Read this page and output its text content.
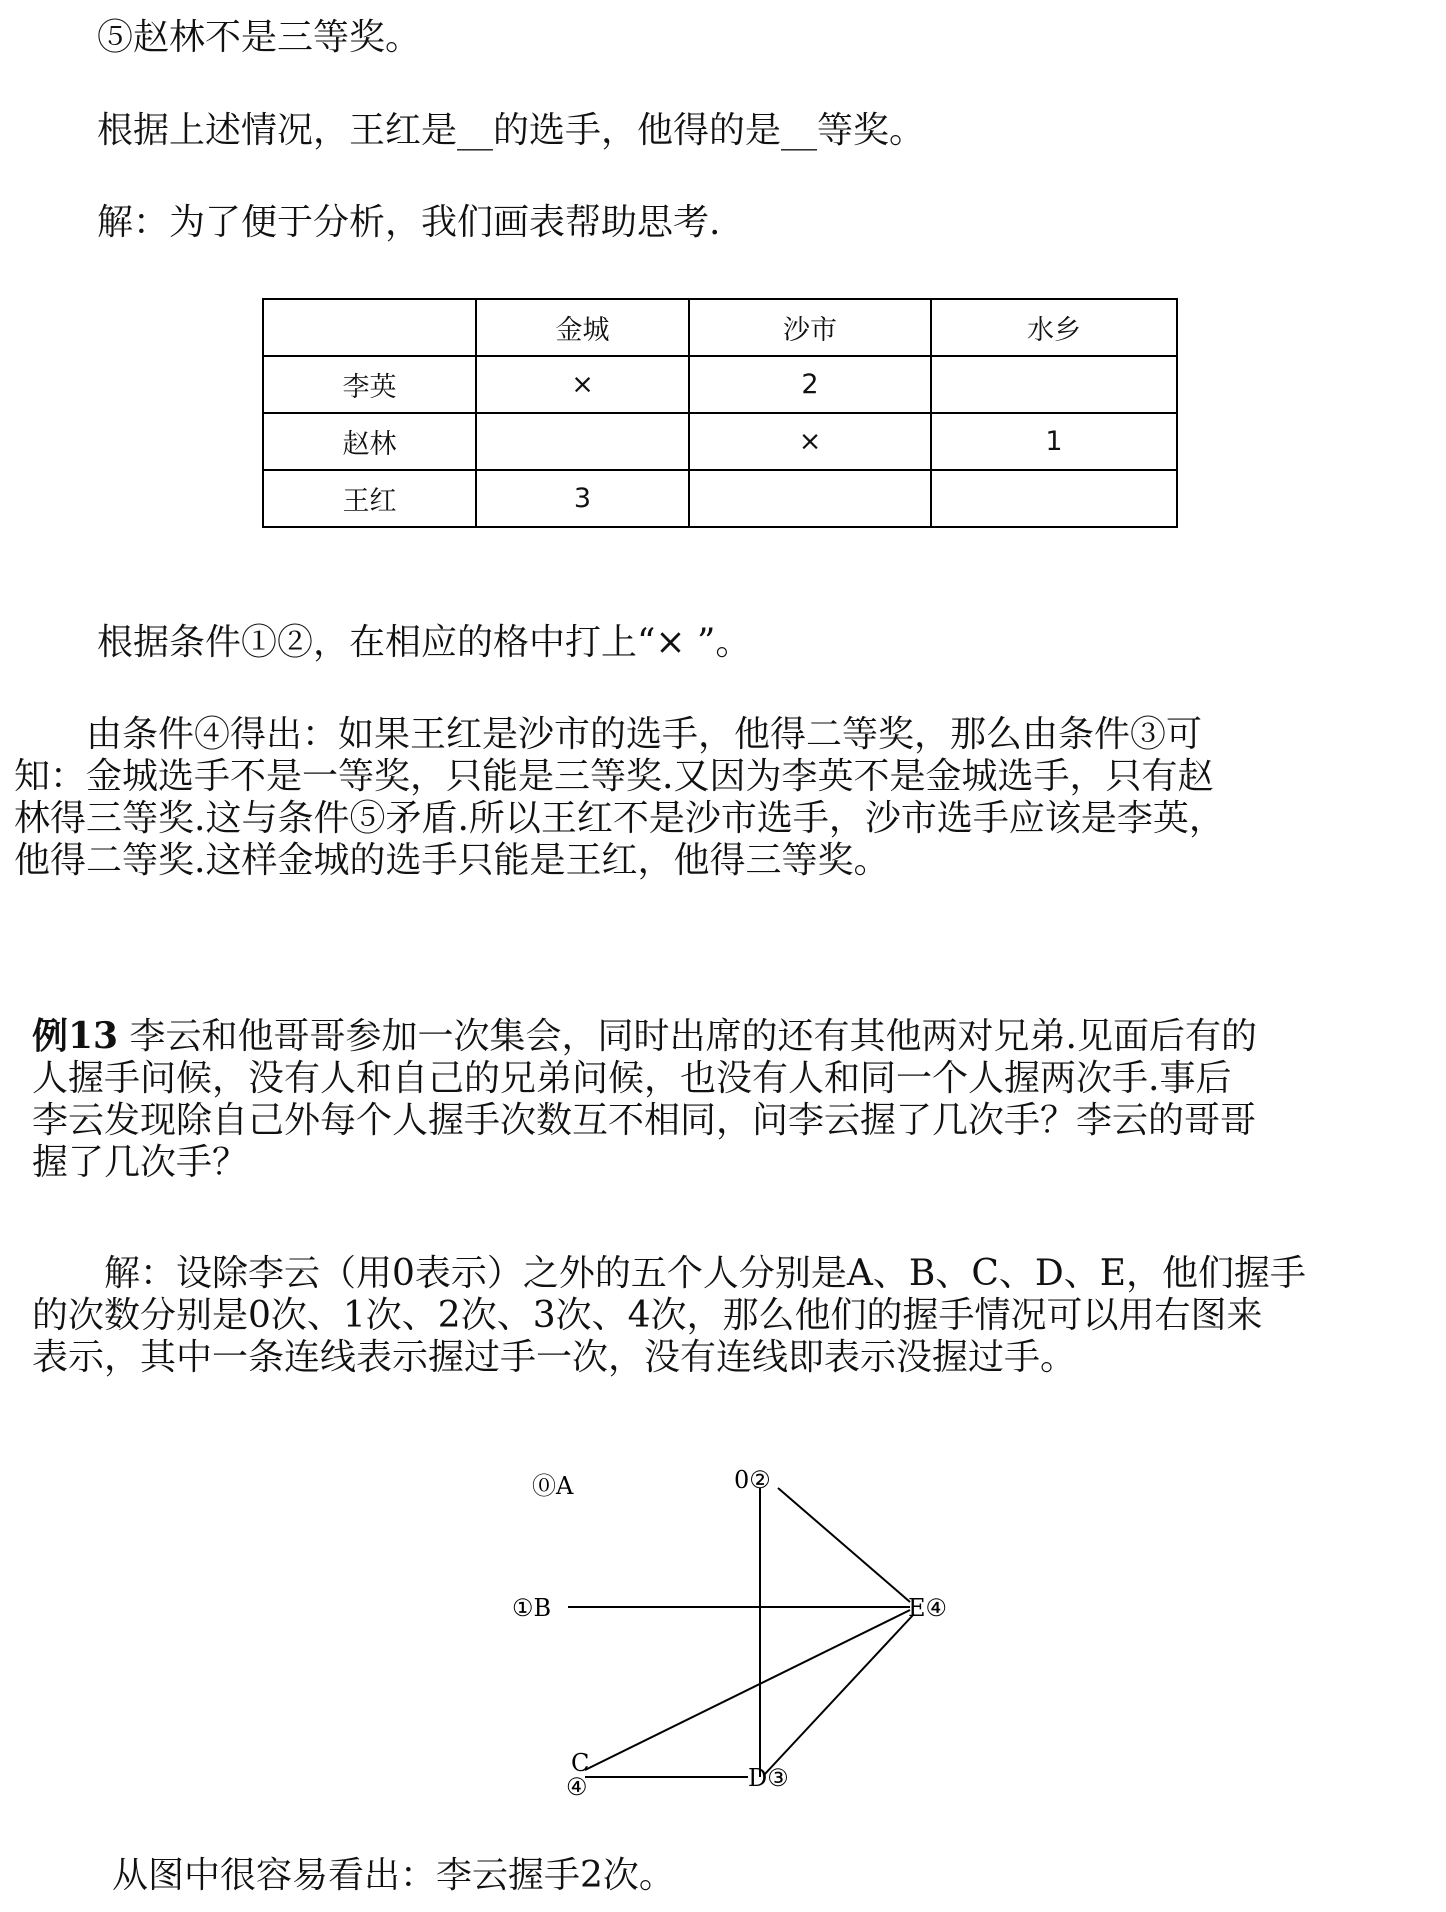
⑤赵林不是三等奖。
根据上述情况，王红是__的选手，他得的是__等奖。
解：为了便于分析，我们画表帮助思考.
	金城	沙市	水乡
李英	×	2	
赵林		×	1
王红	3		
根据条件①②，在相应的格中打上“× ”。
　　由条件④得出：如果王红是沙市的选手，他得二等奖，那么由条件③可
知：金城选手不是一等奖，只能是三等奖.又因为李英不是金城选手，只有赵
林得三等奖.这与条件⑤矛盾.所以王红不是沙市选手，沙市选手应该是李英，
他得二等奖.这样金城的选手只能是王红，他得三等奖。
例13 李云和他哥哥参加一次集会，同时出席的还有其他两对兄弟.见面后有的
人握手问候，没有人和自己的兄弟问候，也没有人和同一个人握两次手.事后
李云发现除自己外每个人握手次数互不相同，问李云握了几次手？李云的哥哥
握了几次手？
　　解：设除李云（用0表示）之外的五个人分别是A、B、C、D、E，他们握手
的次数分别是0次、1次、2次、3次、4次，那么他们的握手情况可以用右图来
表示，其中一条连线表示握过手一次，没有连线即表示没握过手。
⓪A	0②
①B	E④
C
④	D③
从图中很容易看出：李云握手2次。
